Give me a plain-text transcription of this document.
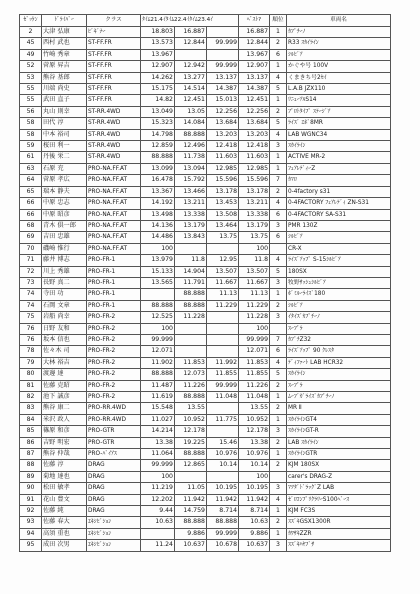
ｾﾞｯｹﾝ	ﾄﾞﾗｲﾊﾞｰ	クラス	ﾀｲﾑ21.4ｲﾀｲﾑ22.4ｲﾀｲﾑ23.4ｲ			ﾍﾞｽﾄ?	順位	車両名
2	大津 弘康	ﾋﾞｷﾞﾅｰ	18.803	16.887		16.887	1	ｶﾌﾟﾁｰﾉ
45	西村 武也	ST-FF.FR	13.573	12.844	99.999	12.844	2	R33 ｽｶｲﾗｲﾝ
49	竹崎 秀章	ST-FF.FR	13.967			13.967	6	ｼﾙﾋﾞｱ
52	菅原 昇吉	ST-FF.FR	12.907	12.942	99.999	12.907	1	かぐや号 100V
53	熊谷 基郎	ST-FF.FR	14.262	13.277	13.137	13.137	4	くまきち号2ｾｲ
55	川端 尚史	ST-FF.FR	15.175	14.514	14.387	14.387	5	L.A.B JZX110
55	武田 直子	ST-FF.FR	14.82	12.451	15.013	12.451	1	ﾘﾆｭｰｱﾙS14
56	丸山 則幸	ST-RR.4WD	13.049	13.05	12.256	12.256	2	ﾌﾟﾛﾄﾀｲﾌﾟ ｽﾃｰｼﾞｱ
58	田代 淳	ST-RR.4WD	15.323	14.084	13.684	13.684	5	ﾗｲｽﾞ ｴﾎﾞ8MR
58	中本 裕司	ST-RR.4WD	14.798	88.888	13.203	13.203	4	LAB WGNC34
59	桜田 利一	ST-RR.4WD	12.859	12.496	12.418	12.418	3	ｽｶｲﾗｲﾝ
61	丹後 栄二	ST-RR.4WD	88.888	11.738	11.603	11.603	1	ACTIVE MR-2
63	石原 充	PRO-NA.FF.AT	13.099	13.094	12.985	12.985	1	ﾌｪｱﾚﾃﾞｨｰZ
64	菅原 孝広	PRO-NA.FF.AT	16.478	15.792	15.596	15.596	7	ｶﾏﾛ
65	瑞本 静夫	PRO-NA.FF.AT	13.367	13.466	13.178	13.178	2	0-4factory s31
66	中原 忠志	PRO-NA.FF.AT	14.192	13.211	13.453	13.211	4	0-4FACTORY ﾌｪｱﾚﾃﾞｨ ZN-S31
66	中原 昭彦	PRO-NA.FF.AT	13.498	13.338	13.508	13.338	6	0-4FACTORY SA-S31
68	青木 倶一郎	PRO-NA.FF.AT	14.136	13.179	13.464	13.179	3	PMR 130Z
69	吉田 忠雄	PRO-NA.FF.AT	14.486	13.843	13.75	13.75	6	ｼﾙﾋﾞｱ
70	磯崎 惟行	PRO-NA.FF.AT	100			100		CR-X
71	藤井 博志	PRO-FR-1	13.979	11.8	12.95	11.8	4	ﾗｲｽﾞｱｯﾌﾟ S-15ｼﾙﾋﾞｱ
72	川上 秀雄	PRO-FR-1	15.133	14.904	13.507	13.507	5	180SX
73	長野 真二	PRO-FR-1	13.565	11.791	11.667	11.667	3	牧野ｻｯｼｭｼﾙﾋﾞｱ
74	寺田 功	PRO-FR-1		88.888	11.13	11.13	1	ﾎﾞﾐﾙｰﾗｲｽﾞ180
74	石岡 文章	PRO-FR-1	88.888	88.888	11.229	11.229	2	ｼﾙﾋﾞｱ
75	岩船 尚幸	PRO-FR-2	12.525	11.228		11.228	3	ｲﾀｲｽﾞｶﾌﾟﾁｰﾉ
76	日野 友和	PRO-FR-2	100			100		ｽｰﾌﾟﾗ
76	坂本 信也	PRO-FR-2	99.999			99.999	7	ｶﾌﾟﾁZ32
78	佐々木 司	PRO-FR-2	12.071			12.071	6	ﾗｲｽﾞｱｯﾌﾟ 90 ｸﾚｽﾀ
79	大林 裕吉	PRO-FR-2	11.902	11.853	11.992	11.853	4	ﾃﾞｨﾌｧｰﾄ LAB HCR32
80	渡邊 達	PRO-FR-2	88.888	12.073	11.855	11.855	5	ｽｶｲﾗｲﾝ
81	佐藤 克昭	PRO-FR-2	11.487	11.226	99.999	11.226	2	ｽｰﾌﾟﾗ
82	池下 誠彦	PRO-FR-2	11.619	88.888	11.048	11.048	1	ﾑｰﾌﾞｶﾞﾗｲｽﾞｶﾌﾟﾁｰﾉ
83	熊谷 康二	PRO-RR.4WD	15.548	13.55		13.55	2	MR Ⅱ
84	米沢 政人	PRO-RR.4WD	11.027	10.952	11.775	10.952	1	ｽｶｲﾗｲﾝGT4
85	篠原 和彦	PRO-GTR	14.214	12.178		12.178	3	ｽｶｲﾗｲﾝGT-R
86	吉野 明宏	PRO-GTR	13.38	19.225	15.46	13.38	2	LAB ｽｶｲﾗｲﾝ
87	熊谷 仲哉	PRO-ﾊﾞｲｱｽ	11.064	88.888	10.976	10.976	1	ｽｶｲﾗｲﾝGTR
88	佐藤 淳	DRAG	99.999	12.865	10.14	10.14	2	KJM 180SX
89	菊地 達也	DRAG	100			100		carer's DRAG-Z
90	松田 敏孝	DRAG	11.219	11.05	10.195	10.195	3	ﾏﾂﾀﾞﾄﾞﾗｯｸﾞZ LAB
91	花山 豊文	DRAG	12.202	11.942	11.942	11.942	4	ｾﾞﾛｺﾝﾌﾟﾘｸﾗﾘｰS100ﾍﾞｰｽ
92	佐藤 純	DRAG	9.44	14.759	8.714	8.714	1	KJM FC3S
93	佐藤 春大	ｴｷｼﾋﾞｼｮﾝ	10.63	88.888	88.888	10.63	2	ｽｽﾞｷGSX1300R
94	高須 重也	ｴｷｼﾋﾞｼｮﾝ		9.886	99.999	9.886	1	ｶﾜｻｷZZR
95	成田 次男	ｴｷｼﾋﾞｼｮﾝ	11.24	10.637	10.678	10.637	3	ｽｽﾞｷﾊﾔﾌﾞｻ
